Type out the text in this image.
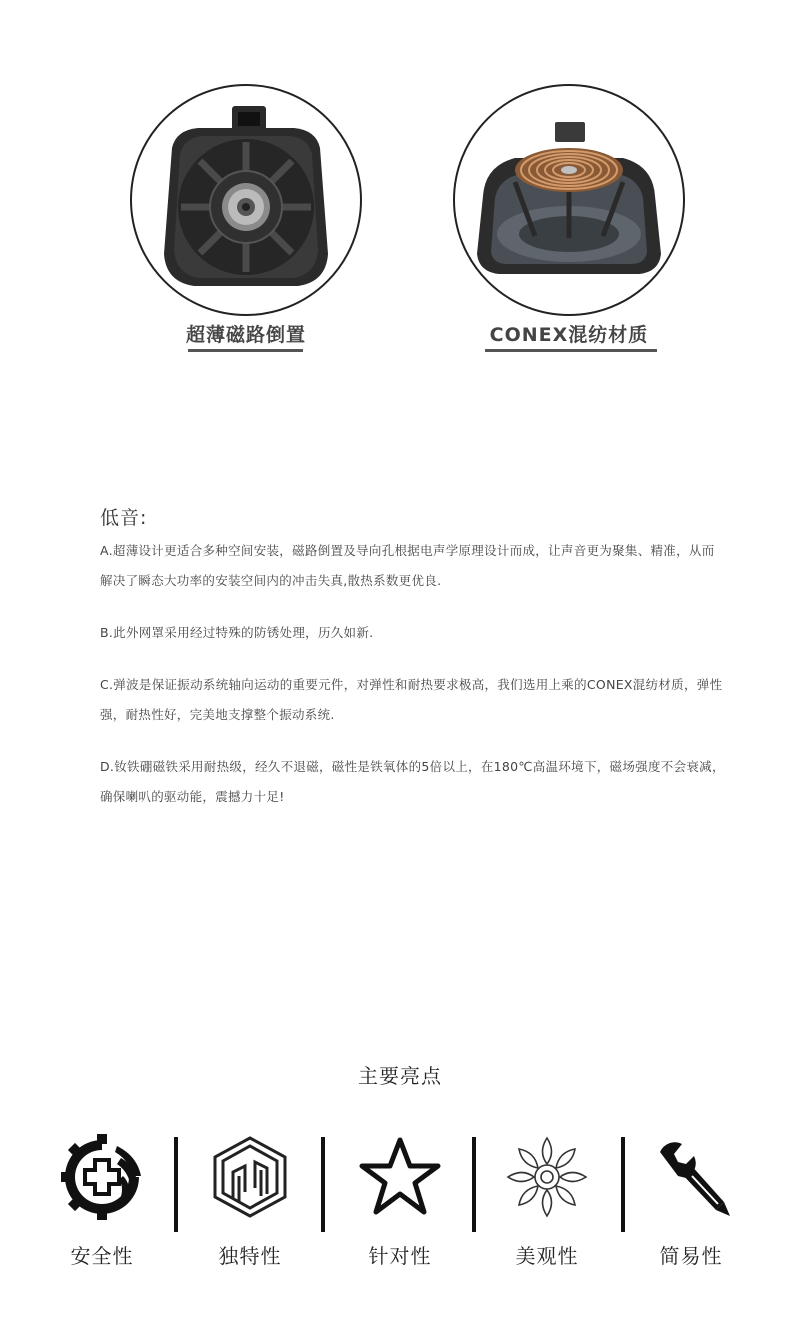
超薄磁路倒置	CONEX混纺材质
低音:

A.超薄设计更适合多种空间安装，磁路倒置及导向孔根据电声学原理设计而成，让声音更为聚集、精准，从而解决了瞬态大功率的安装空间内的冲击失真,散热系数更优良.

B.此外网罩采用经过特殊的防锈处理，历久如新.

C.弹波是保证振动系统轴向运动的重要元件，对弹性和耐热要求极高，我们选用上乘的CONEX混纺材质，弹性强，耐热性好，完美地支撑整个振动系统.

D.钕铁硼磁铁采用耐热级，经久不退磁，磁性是铁氧体的5倍以上，在180℃高温环境下，磁场强度不会衰减，确保喇叭的驱动能，震撼力十足!

主要亮点
安全性	独特性	针对性	美观性	简易性
